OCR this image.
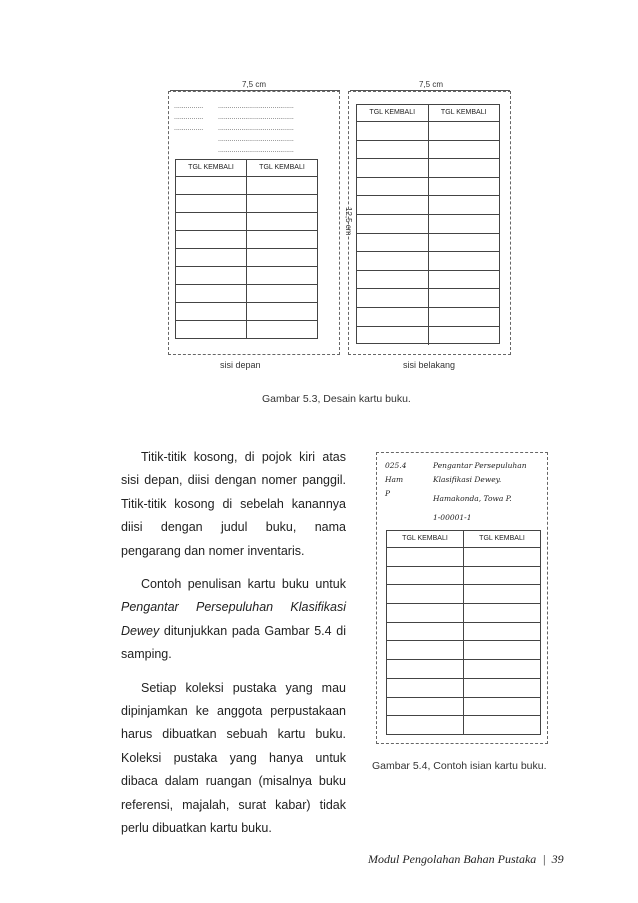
7,5 cm	7,5 cm
...............
...............
...............
.......................................
.......................................
.......................................
.......................................
.......................................
TGL KEMBALI	TGL KEMBALI
12,5 cm
TGL KEMBALI	TGL KEMBALI
sisi depan	sisi belakang
Gambar 5.3, Desain kartu buku.

Titik-titik kosong, di pojok kiri atas sisi depan, diisi dengan nomer panggil. Titik-titik kosong di sebelah kanannya diisi dengan judul buku, nama pengarang dan nomer inventaris.

Contoh penulisan kartu buku untuk Pengantar Persepuluhan Klasifikasi Dewey ditunjukkan pada Gambar 5.4 di samping.

Setiap koleksi pustaka yang mau dipinjamkan ke anggota perpustakaan harus dibuatkan sebuah kartu buku. Koleksi pustaka yang hanya untuk dibaca dalam ruangan (misalnya buku referensi, majalah, surat kabar) tidak perlu dibuatkan kartu buku.

025.4
Ham
P
Pengantar Persepuluhan
Klasifikasi Dewey.
Hamakonda, Towa P.
1-00001-1
TGL KEMBALI	TGL KEMBALI
Gambar 5.4, Contoh isian kartu buku.
Modul Pengolahan Bahan Pustaka | 39
